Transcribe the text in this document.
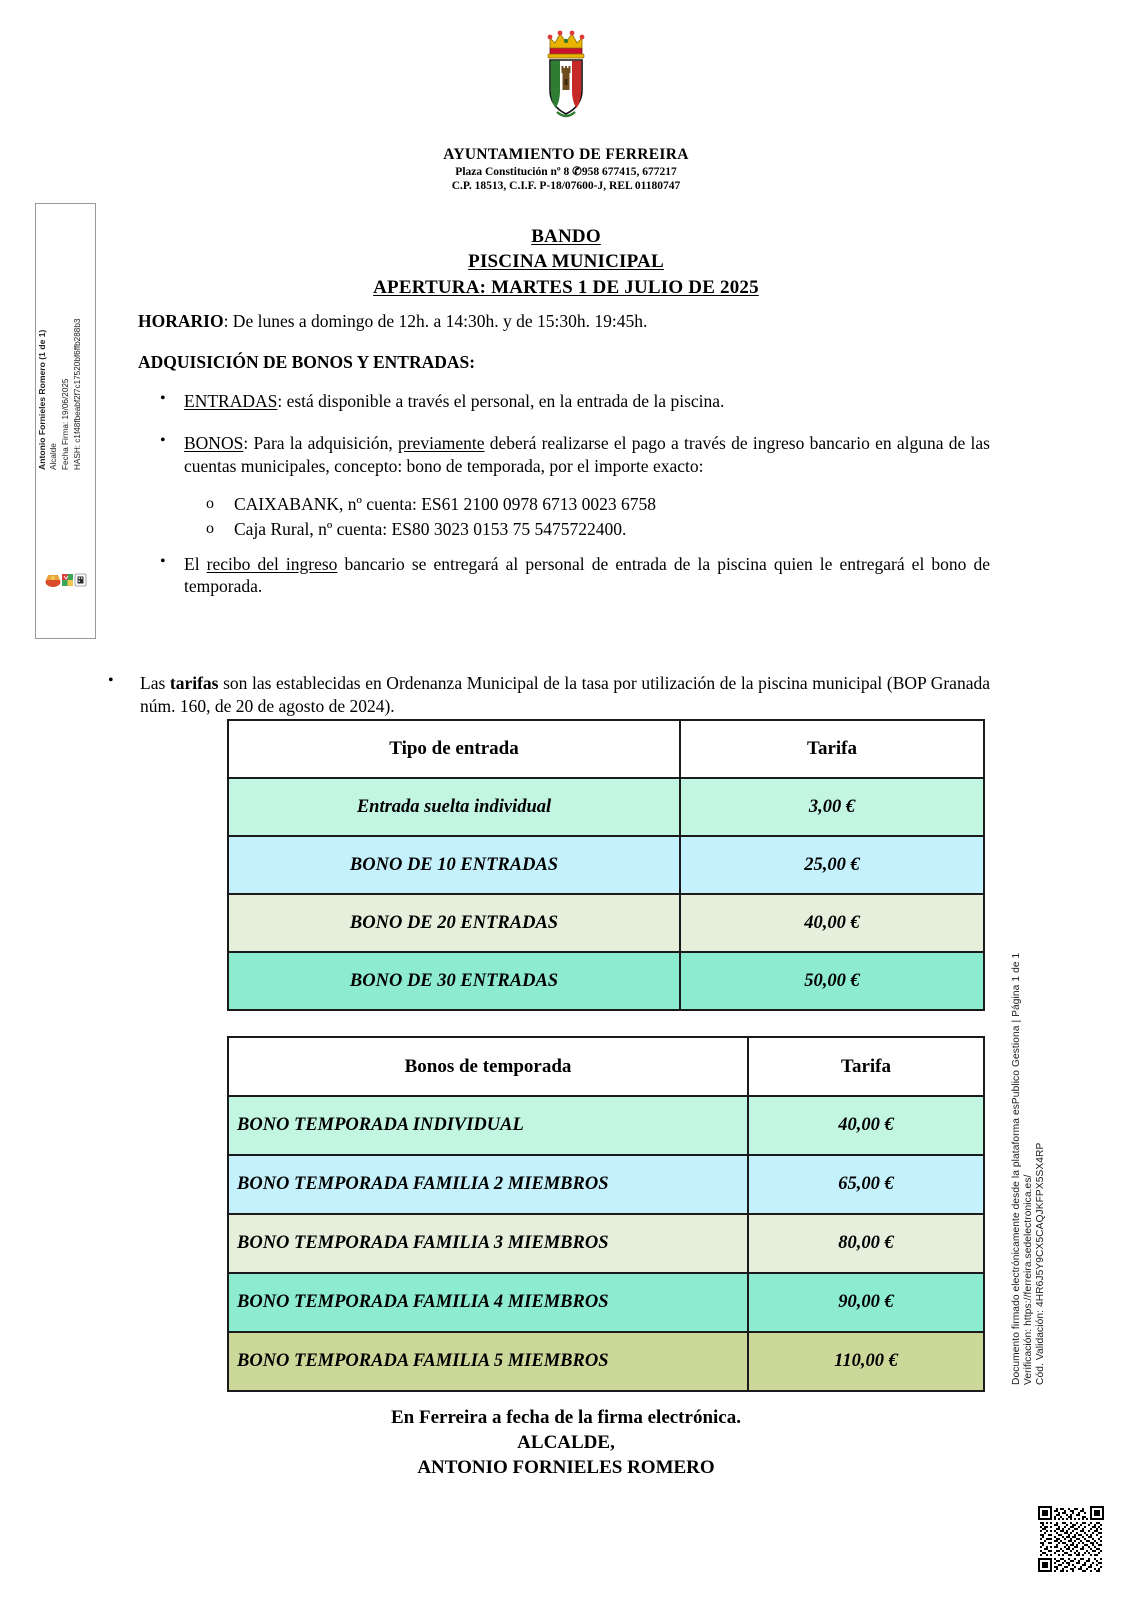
AYUNTAMIENTO DE FERREIRA
Plaza Constitución nº 8 ✆958 677415, 677217
C.P. 18513, C.I.F. P-18/07600-J, REL 01180747
BANDO
PISCINA MUNICIPAL
APERTURA: MARTES 1 DE JULIO DE 2025
HORARIO: De lunes a domingo de 12h. a 14:30h. y de 15:30h. 19:45h.
ADQUISICIÓN DE BONOS Y ENTRADAS:
• ENTRADAS: está disponible a través el personal, en la entrada de la piscina.
• BONOS: Para la adquisición, previamente deberá realizarse el pago a través de ingreso bancario en alguna de las cuentas municipales, concepto: bono de temporada, por el importe exacto:
o CAIXABANK, nº cuenta: ES61 2100 0978 6713 0023 6758
o Caja Rural, nº cuenta: ES80 3023 0153 75 5475722400.
• El recibo del ingreso bancario se entregará al personal de entrada de la piscina quien le entregará el bono de temporada.
• Las tarifas son las establecidas en Ordenanza Municipal de la tasa por utilización de la piscina municipal (BOP Granada núm. 160, de 20 de agosto de 2024).
Tipo de entrada	Tarifa
Entrada suelta individual	3,00 €
BONO DE 10 ENTRADAS	25,00 €
BONO DE 20 ENTRADAS	40,00 €
BONO DE 30 ENTRADAS	50,00 €
Bonos de temporada	Tarifa
BONO TEMPORADA INDIVIDUAL	40,00 €
BONO TEMPORADA FAMILIA 2 MIEMBROS	65,00 €
BONO TEMPORADA FAMILIA 3 MIEMBROS	80,00 €
BONO TEMPORADA FAMILIA 4 MIEMBROS	90,00 €
BONO TEMPORADA FAMILIA 5 MIEMBROS	110,00 €
En Ferreira a fecha de la firma electrónica.
ALCALDE,
ANTONIO FORNIELES ROMERO
Antonio Fornieles Romero (1 de 1) Alcalde Fecha Firma: 19/06/2025 HASH: c1f48fbeabf2f7c17520bf6ffb288b3
Cód. Validación: 4HR6J5Y9CX5CAQJKFPX5SX4RP
Verificación: https://ferreira.sedelectronica.es/
Documento firmado electrónicamente desde la plataforma esPublico Gestiona | Página 1 de 1
